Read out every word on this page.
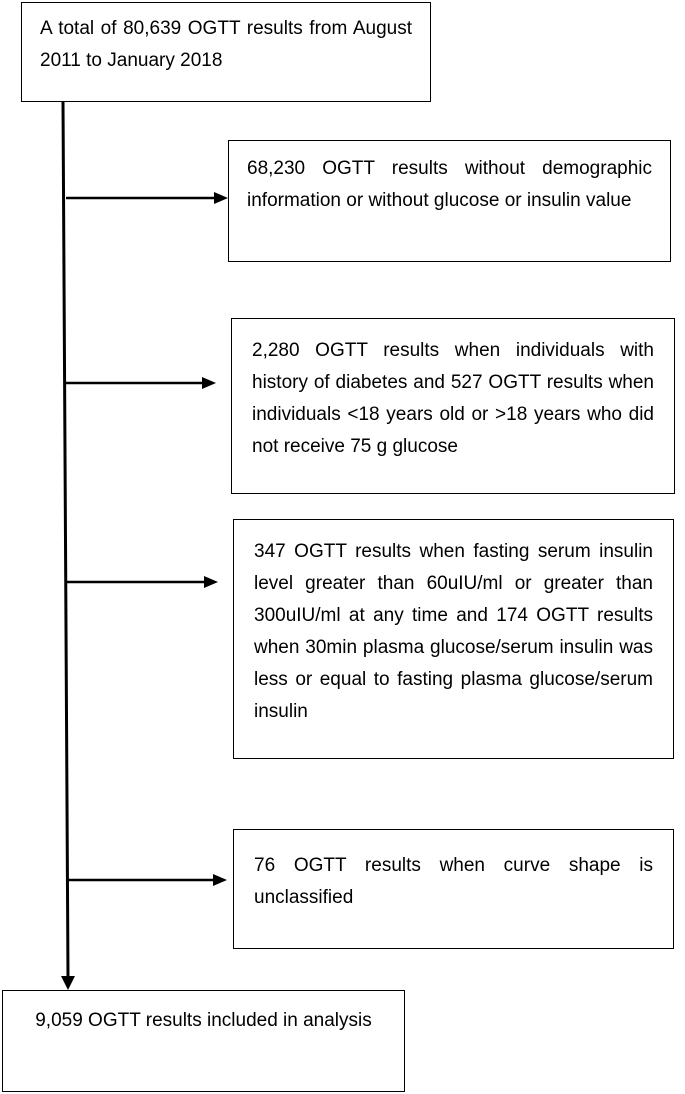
A total of 80,639 OGTT results from August 2011 to January 2018

68,230 OGTT results without demographic information or without glucose or insulin value

2,280 OGTT results when individuals with history of diabetes and 527 OGTT results when individuals <18 years old or >18 years who did not receive 75 g glucose

347 OGTT results when fasting serum insulin level greater than 60uIU/ml or greater than 300uIU/ml at any time and 174 OGTT results when 30min plasma glucose/serum insulin was less or equal to fasting plasma glucose/serum insulin

76 OGTT results when curve shape is unclassified

9,059 OGTT results included in analysis
